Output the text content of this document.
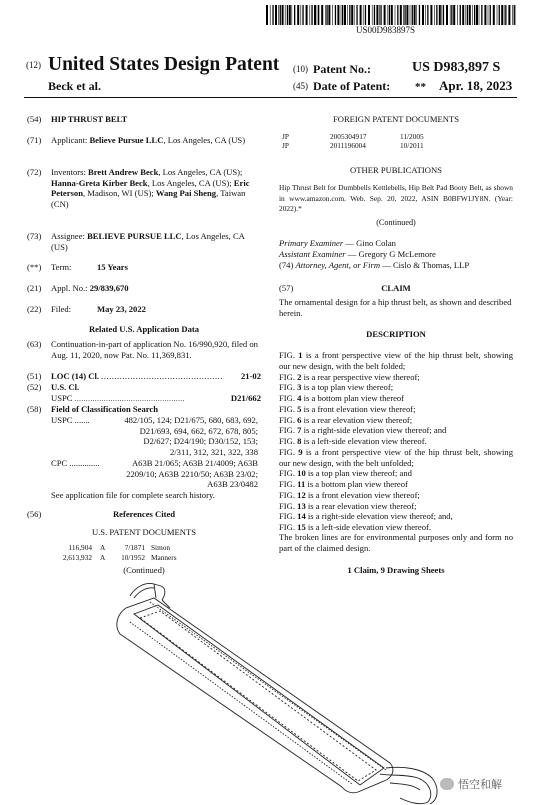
US00D983897S
(12) United States Design Patent
Beck et al.
(10) Patent No.:	US D983,897 S
(45) Date of Patent: ** Apr. 18, 2023
(54) HIP THRUST BELT
(71) Applicant: Believe Pursue LLC, Los Angeles, CA (US)
(72) Inventors: Brett Andrew Beck, Los Angeles, CA (US); Hanna-Greta Kirber Beck, Los Angeles, CA (US); Eric Peterson, Madison, WI (US); Wang Pai Sheng, Taiwan (CN)
(73) Assignee: BELIEVE PURSUE LLC, Los Angeles, CA (US)
(**) Term:	15 Years
(21) Appl. No.: 29/839,670
(22) Filed:	May 23, 2022
Related U.S. Application Data
(63) Continuation-in-part of application No. 16/990,920, filed on Aug. 11, 2020, now Pat. No. 11,369,831.
(51) LOC (14) Cl. .............................................. 21-02
(52) U.S. Cl.
USPC .................................................	D21/662
(58) Field of Classification Search
USPC .......	482/105, 124; D21/675, 680, 683, 692,
D21/693, 694, 662, 672, 678, 805;
D2/627; D24/190; D30/152, 153;
2/311, 312, 321, 322, 338
CPC ..............	A63B 21/065; A63B 21/4009; A63B
2209/10; A63B 2210/50; A63B 23/02;
A63B 23/0482
See application file for complete search history.
(56)	References Cited
U.S. PATENT DOCUMENTS
116,904 A	7/1871 Simon
2,613,932 A 10/1952 Manners
(Continued)
FOREIGN PATENT DOCUMENTS
JP	2005304917	11/2005
JP	2011196004	10/2011
OTHER PUBLICATIONS
Hip Thrust Belt for Dumbbells Kettlebells, Hip Belt Pad Booty Belt, as shown in www.amazon.com. Web. Sep. 20, 2022, ASIN B0BFW1JY8N. (Year: 2022).*
(Continued)
Primary Examiner — Gino Colan
Assistant Examiner — Gregory G McLemore
(74) Attorney, Agent, or Firm — Cislo & Thomas, LLP
(57)	CLAIM
The ornamental design for a hip thrust belt, as shown and described herein.
DESCRIPTION
FIG. 1 is a front perspective view of the hip thrust belt, showing our new design, with the belt folded;
FIG. 2 is a rear perspective view thereof;
FIG. 3 is a top plan view thereof;
FIG. 4 is a bottom plan view thereof
FIG. 5 is a front elevation view thereof;
FIG. 6 is a rear elevation view thereof;
FIG. 7 is a right-side elevation view thereof; and
FIG. 8 is a left-side elevation view thereof.
FIG. 9 is a front perspective view of the hip thrust belt, showing our new design, with the belt unfolded;
FIG. 10 is a top plan view thereof; and
FIG. 11 is a bottom plan view thereof
FIG. 12 is a front elevation view thereof;
FIG. 13 is a rear elevation view thereof;
FIG. 14 is a right-side elevation view thereof; and,
FIG. 15 is a left-side elevation view thereof.
The broken lines are for environmental purposes only and form no part of the claimed design.
1 Claim, 9 Drawing Sheets
悟空和解
